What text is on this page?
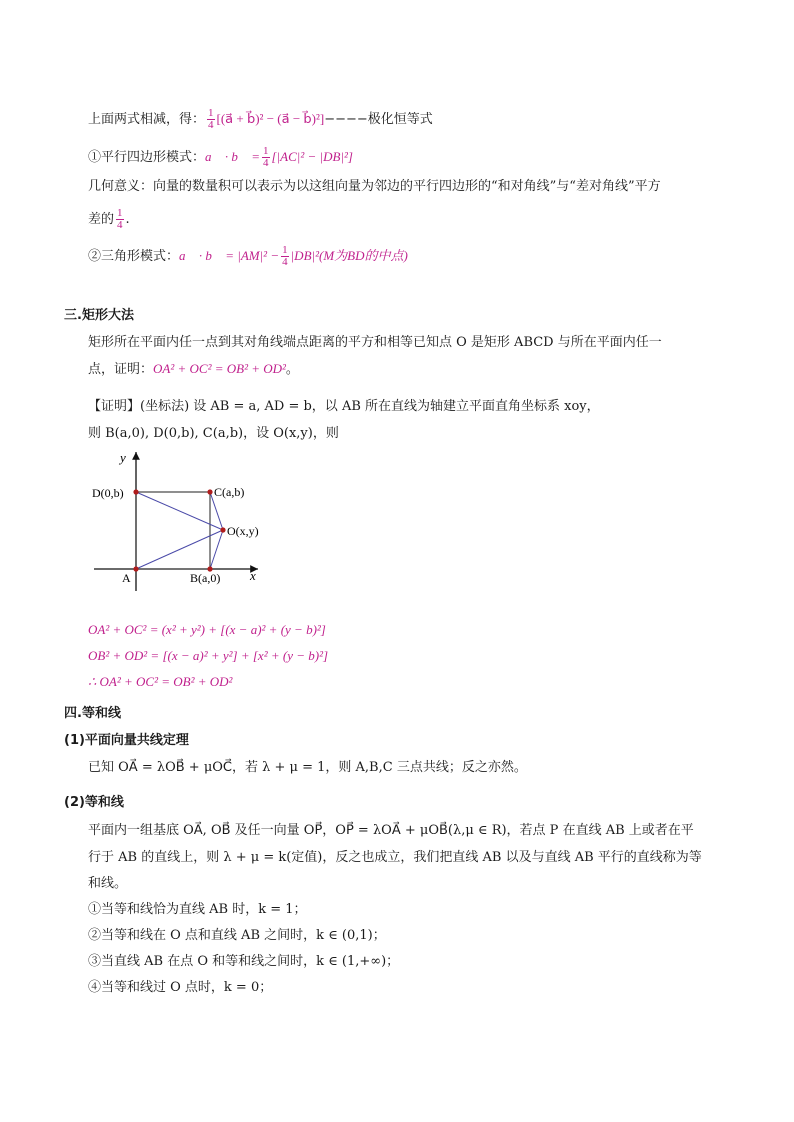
上面两式相减，得： $\frac{1}{4}$ [(a⃗ + b⃗)² − (a⃗ − b⃗)²]−−−−极化恒等式
①平行四边形模式：a⃗ · b⃗ = $\frac{1}{4} [|AC|^2 - |DB|^2]$
几何意义：向量的数量积可以表示为以这组向量为邻边的平行四边形的“和对角线”与“差对角线”平方
差的 $\frac{1}{4}$ .
②三角形模式：a⃗ · b⃗ = $|AM|^2 - \frac{1}{4} |DB|^2(M$为BD的中点)
三.矩形大法
矩形所在平面内任一点到其对角线端点距离的平方和相等已知点 O 是矩形 ABCD 与所在平面内任一
点，证明：OA² + OC² = OB² + OD²。
【证明】(坐标法) 设 AB = a, AD = b，以 AB 所在直线为轴建立平面直角坐标系 xoy，
则 B(a,0), D(0,b), C(a,b)，设 O(x,y)，则
y
x
D(0,b)	C(a,b)
O(x,y)
A	B(a,0)
OA² + OC² = (x² + y²) + [(x − a)² + (y − b)²]
OB² + OD² = [(x − a)² + y²] + [x² + (y − b)²]
∴ OA² + OC² = OB² + OD²
四.等和线
(1)平面向量共线定理
已知 OA⃗ = λOB⃗ + μOC⃗，若 λ + μ = 1，则 A,B,C 三点共线；反之亦然。
(2)等和线
平面内一组基底 OA⃗, OB⃗ 及任一向量 OP⃗，OP⃗ = λOA⃗ + μOB⃗(λ,μ ∈ R)，若点 P 在直线 AB 上或者在平
行于 AB 的直线上，则 λ + μ = k(定值)，反之也成立，我们把直线 AB 以及与直线 AB 平行的直线称为等
和线。
①当等和线恰为直线 AB 时，k = 1；
②当等和线在 O 点和直线 AB 之间时，k ∈ (0,1)；
③当直线 AB 在点 O 和等和线之间时，k ∈ (1,+∞)；
④当等和线过 O 点时，k = 0；
